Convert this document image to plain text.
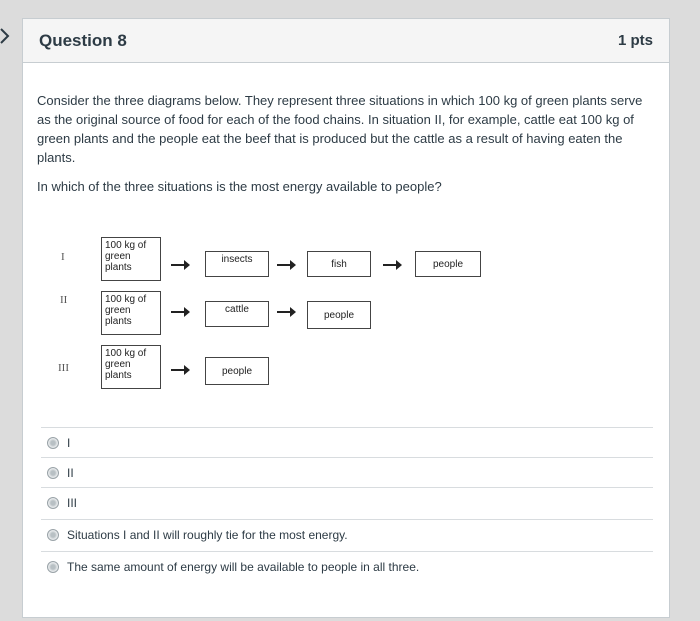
Question 8	1 pts

Consider the three diagrams below. They represent three situations in which 100 kg of green plants serve as the original source of food for each of the food chains. In situation II, for example, cattle eat 100 kg of green plants and the people eat the beef that is produced but the cattle as a result of having eaten the plants.

In which of the three situations is the most energy available to people?

I
100 kg of green plants
insects	fish	people
II	100 kg of green plants
cattle	people
III
100 kg of green plants	people
I
II
III
Situations I and II will roughly tie for the most energy.
The same amount of energy will be available to people in all three.
